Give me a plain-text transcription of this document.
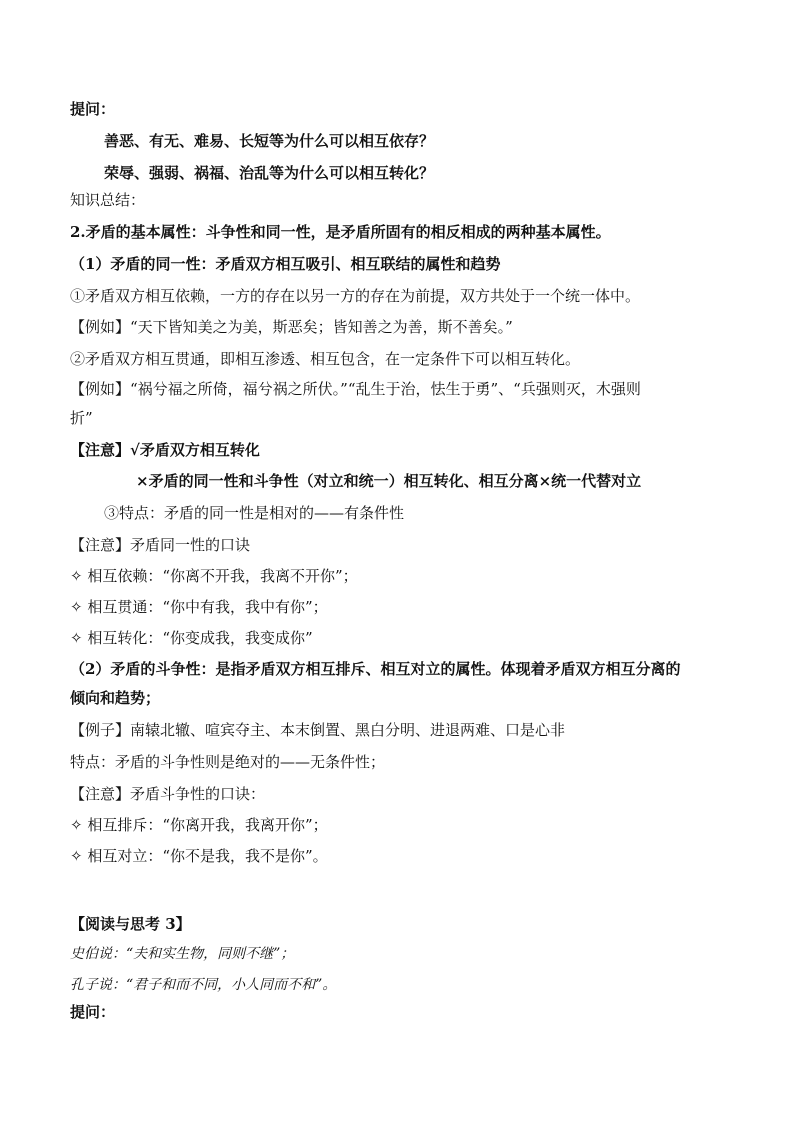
提问：
善恶、有无、难易、长短等为什么可以相互依存？
荣辱、强弱、祸福、治乱等为什么可以相互转化？
知识总结：
2.矛盾的基本属性：斗争性和同一性，是矛盾所固有的相反相成的两种基本属性。
（1）矛盾的同一性：矛盾双方相互吸引、相互联结的属性和趋势
①矛盾双方相互依赖，一方的存在以另一方的存在为前提，双方共处于一个统一体中。
【例如】“天下皆知美之为美，斯恶矣；皆知善之为善，斯不善矣。”
②矛盾双方相互贯通，即相互渗透、相互包含，在一定条件下可以相互转化。
【例如】“祸兮福之所倚，福兮祸之所伏。”“乱生于治，怯生于勇”、“兵强则灭，木强则
折”
【注意】√矛盾双方相互转化
×矛盾的同一性和斗争性（对立和统一）相互转化、相互分离×统一代替对立
③特点：矛盾的同一性是相对的——有条件性
【注意】矛盾同一性的口诀
✧ 相互依赖：“你离不开我，我离不开你”；
✧ 相互贯通：“你中有我，我中有你”；
✧ 相互转化：“你变成我，我变成你”
（2）矛盾的斗争性：是指矛盾双方相互排斥、相互对立的属性。体现着矛盾双方相互分离的
倾向和趋势；
【例子】南辕北辙、喧宾夺主、本末倒置、黑白分明、进退两难、口是心非
特点：矛盾的斗争性则是绝对的——无条件性；
【注意】矛盾斗争性的口诀：
✧ 相互排斥：“你离开我，我离开你”；
✧ 相互对立：“你不是我，我不是你”。
【阅读与思考 3】
史伯说：“夫和实生物，同则不继”；
孔子说：“君子和而不同，小人同而不和”。
提问：
